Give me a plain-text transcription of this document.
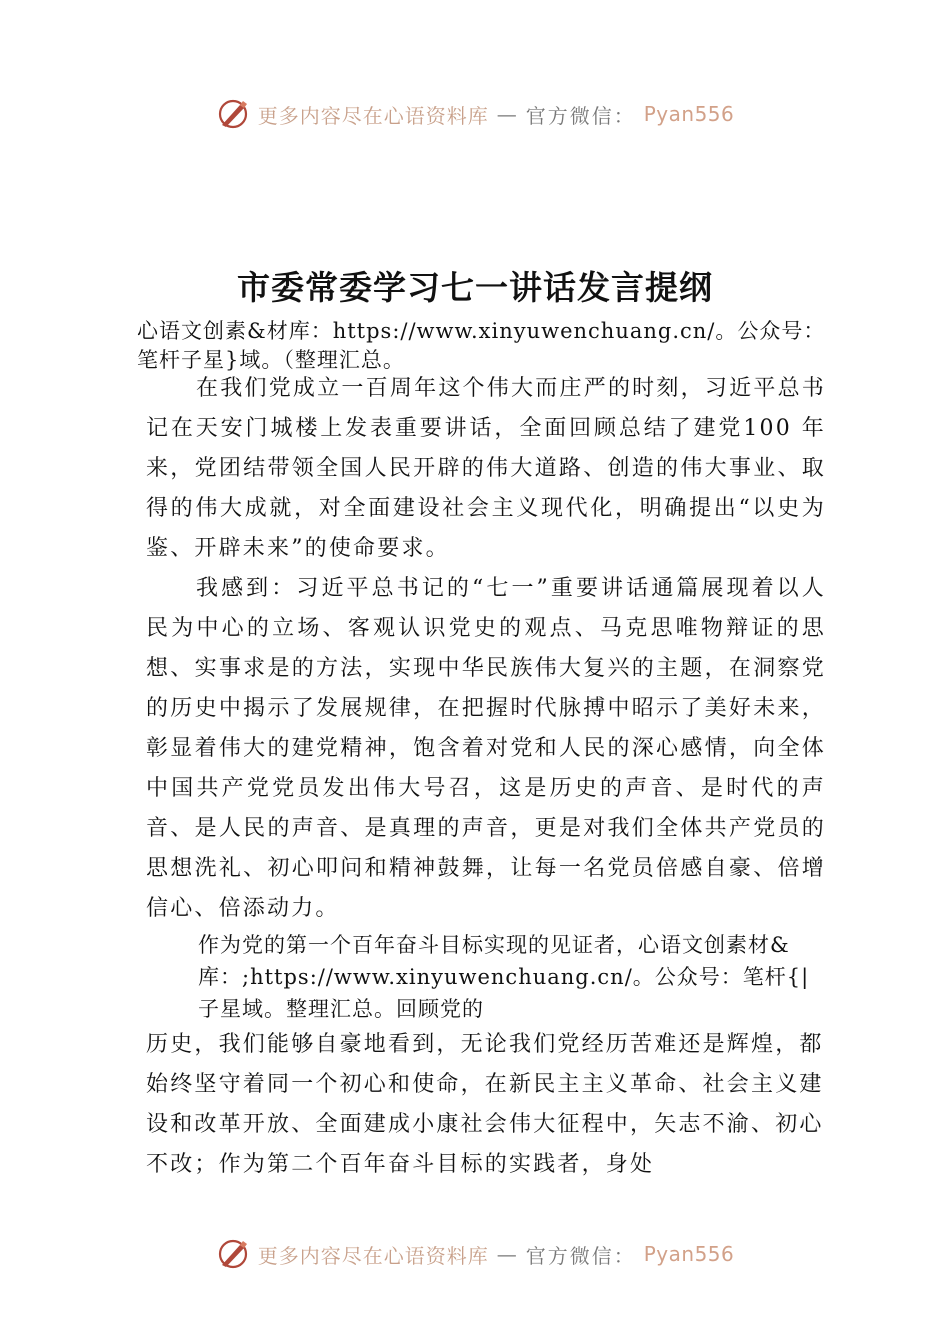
更多内容尽在心语资料库 — 官方微信： Pyan556
市委常委学习七一讲话发言提纲

心语文创素&材库：https://www.xinyuwenchuang.cn/。公众号：笔杆子星}域。（整理汇总。

在我们党成立一百周年这个伟大而庄严的时刻，习近平总书记在天安门城楼上发表重要讲话，全面回顾总结了建党100 年来，党团结带领全国人民开辟的伟大道路、创造的伟大事业、取得的伟大成就，对全面建设社会主义现代化，明确提出“以史为鉴、开辟未来”的使命要求。

我感到：习近平总书记的“七一”重要讲话通篇展现着以人民为中心的立场、客观认识党史的观点、马克思唯物辩证的思想、实事求是的方法，实现中华民族伟大复兴的主题，在洞察党的历史中揭示了发展规律，在把握时代脉搏中昭示了美好未来，彰显着伟大的建党精神，饱含着对党和人民的深心感情，向全体中国共产党党员发出伟大号召，这是历史的声音、是时代的声音、是人民的声音、是真理的声音，更是对我们全体共产党员的思想洗礼、初心叩问和精神鼓舞，让每一名党员倍感自豪、倍增信心、倍添动力。

作为党的第一个百年奋斗目标实现的见证者，心语文创素材&库：;https://www.xinyuwenchuang.cn/。公众号：笔杆{|子星域。整理汇总。回顾党的

历史，我们能够自豪地看到，无论我们党经历苦难还是辉煌，都始终坚守着同一个初心和使命，在新民主主义革命、社会主义建设和改革开放、全面建成小康社会伟大征程中，矢志不渝、初心不改；作为第二个百年奋斗目标的实践者，身处

更多内容尽在心语资料库 — 官方微信： Pyan556
